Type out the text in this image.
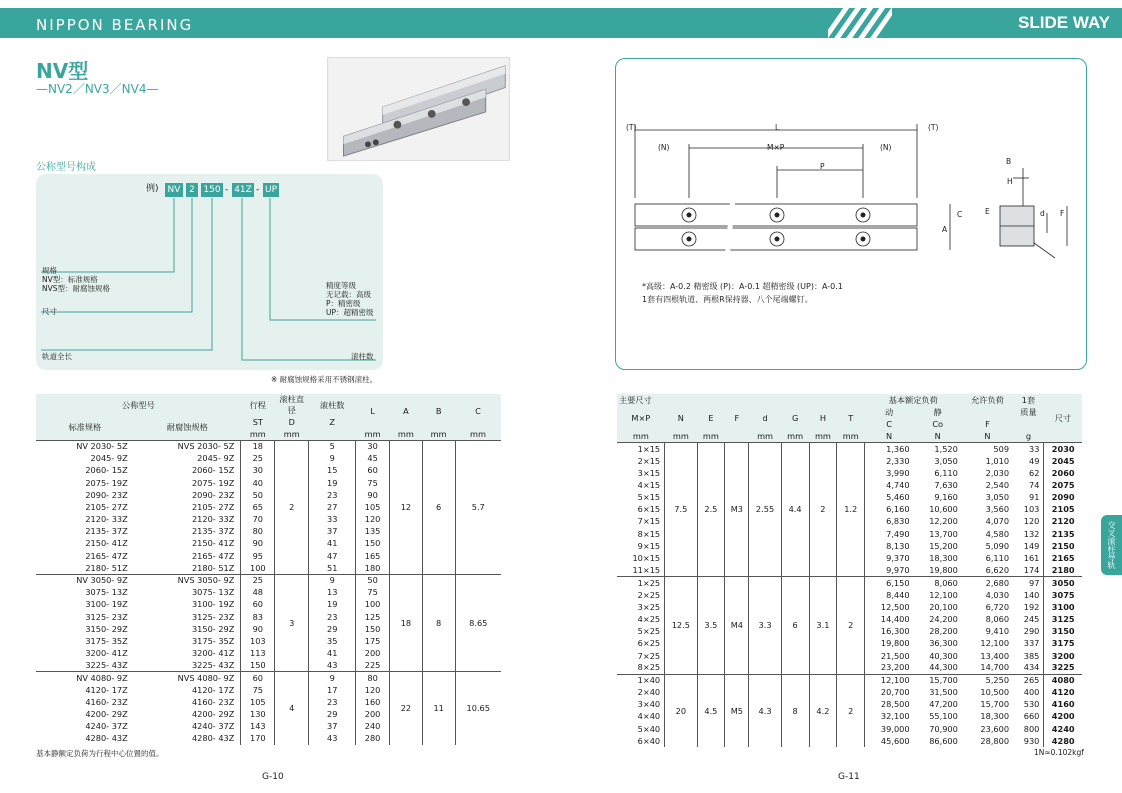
NIPPON BEARING	SLIDE WAY
NV型
—NV2／NV3／NV4—
公称型号构成
例) NV 2 150 - 41Z - UP
规格
NV型：标准规格
NVS型：耐腐蚀规格
尺寸
轨道全长
精度等级
无记载：高级
P：精密级
UP：超精密级
滚柱数
※ 耐腐蚀规格采用不锈钢滚柱。
公称型号		行程	滚柱直径	滚柱数	L	A	B	C
标准规格	耐腐蚀规格	ST	D	Z				
		mm	mm		mm	mm	mm	mm
NV 2030- 5Z	NVS 2030- 5Z	18	2	5	30	12	6	5.7
2045- 9Z	2045- 9Z	25		9	45			
2060- 15Z	2060- 15Z	30		15	60			
2075- 19Z	2075- 19Z	40		19	75			
2090- 23Z	2090- 23Z	50		23	90			
2105- 27Z	2105- 27Z	65		27	105			
2120- 33Z	2120- 33Z	70		33	120			
2135- 37Z	2135- 37Z	80		37	135			
2150- 41Z	2150- 41Z	90		41	150			
2165- 47Z	2165- 47Z	95		47	165			
2180- 51Z	2180- 51Z	100		51	180			
NV 3050- 9Z	NVS 3050- 9Z	25	3	9	50	18	8	8.65
3075- 13Z	3075- 13Z	48		13	75			
3100- 19Z	3100- 19Z	60		19	100			
3125- 23Z	3125- 23Z	83		23	125			
3150- 29Z	3150- 29Z	90		29	150			
3175- 35Z	3175- 35Z	103		35	175			
3200- 41Z	3200- 41Z	113		41	200			
3225- 43Z	3225- 43Z	150		43	225			
NV 4080- 9Z	NVS 4080- 9Z	60	4	9	80	22	11	10.65
4120- 17Z	4120- 17Z	75		17	120			
4160- 23Z	4160- 23Z	105		23	160			
4200- 29Z	4200- 29Z	130		29	200			
4240- 37Z	4240- 37Z	143		37	240			
4280- 43Z	4280- 43Z	170		43	280			
基本静额定负荷为行程中心位置的值。
G-10
(T)	(T)
L
(N)	(N)
M×P
P
B
H
A
C	E	d F
*高级：A-0.2 精密级 (P)：A-0.1 超精密级 (UP)：A-0.1
1套有四根轨道、两根R保持器、八个尾端螺钉。
主要尺寸								基本额定负荷		允许负荷	1套	尺寸
M×P	N	E	F	d	G	H	T	动	静		质量	
								C	Co	F		
mm	mm	mm		mm	mm	mm	mm	N	N	N	g	
1×15	7.5	2.5	M3	2.55	4.4	2	1.2	1,360	1,520	509	33	2030
2×15								2,330	3,050	1,010	49	2045
3×15								3,990	6,110	2,030	62	2060
4×15								4,740	7,630	2,540	74	2075
5×15								5,460	9,160	3,050	91	2090
6×15								6,160	10,600	3,560	103	2105
7×15								6,830	12,200	4,070	120	2120
8×15								7,490	13,700	4,580	132	2135
9×15								8,130	15,200	5,090	149	2150
10×15								9,370	18,300	6,110	161	2165
11×15								9,970	19,800	6,620	174	2180
1×25	12.5	3.5	M4	3.3	6	3.1	2	6,150	8,060	2,680	97	3050
2×25								8,440	12,100	4,030	140	3075
3×25								12,500	20,100	6,720	192	3100
4×25								14,400	24,200	8,060	245	3125
5×25								16,300	28,200	9,410	290	3150
6×25								19,800	36,300	12,100	337	3175
7×25								21,500	40,300	13,400	385	3200
8×25								23,200	44,300	14,700	434	3225
1×40	20	4.5	M5	4.3	8	4.2	2	12,100	15,700	5,250	265	4080
2×40								20,700	31,500	10,500	400	4120
3×40								28,500	47,200	15,700	530	4160
4×40								32,100	55,100	18,300	660	4200
5×40								39,000	70,900	23,600	800	4240
6×40								45,600	86,600	28,800	930	4280
1N≈0.102kgf
G-11
交叉滚柱导轨
